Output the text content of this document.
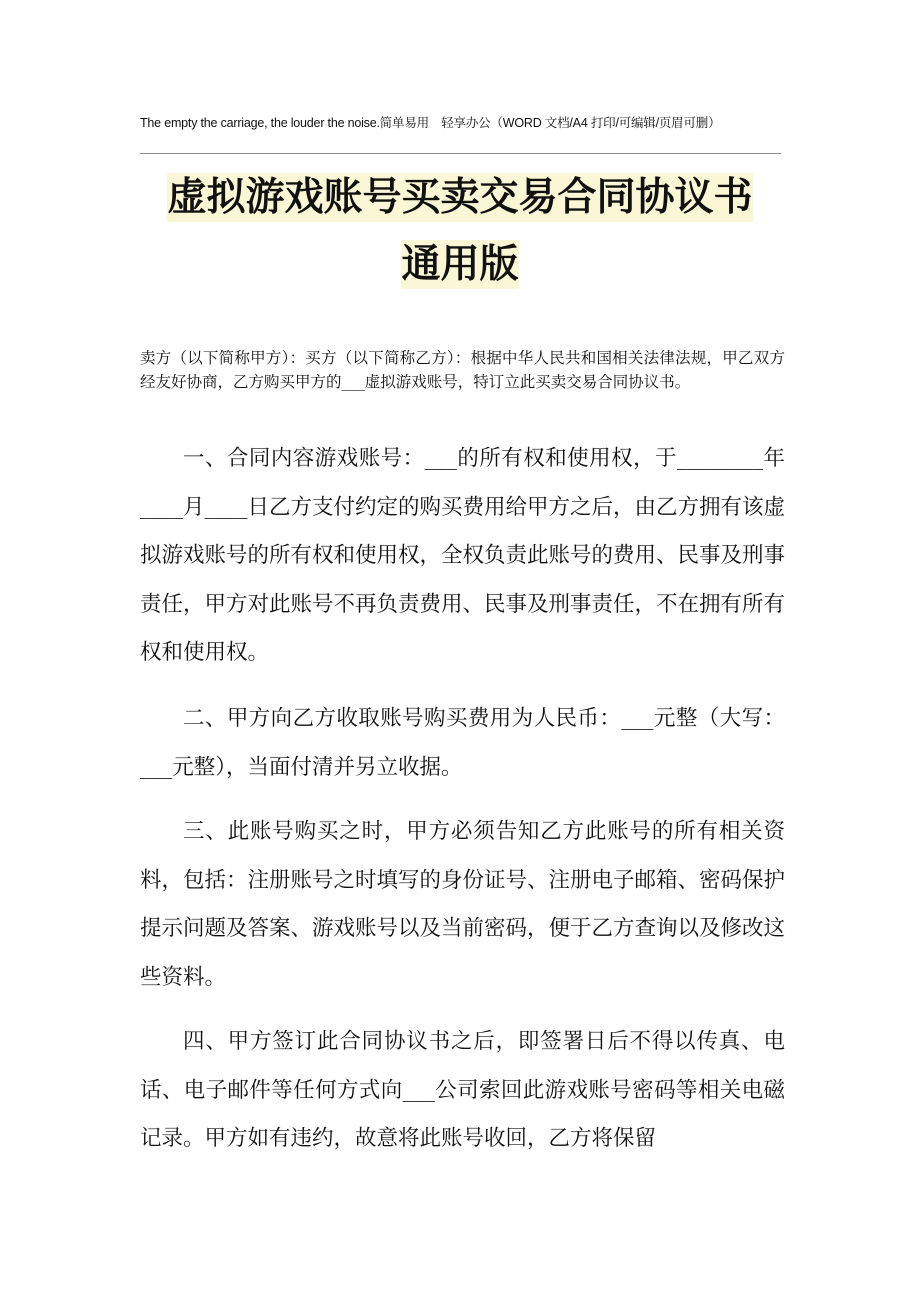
The empty the carriage, the louder the noise.简单易用　轻享办公（WORD 文档/A4 打印/可编辑/页眉可删）
虚拟游戏账号买卖交易合同协议书
通用版
卖方（以下简称甲方）：买方（以下简称乙方）：根据中华人民共和国相关法律法规，甲乙双方经友好协商，乙方购买甲方的___虚拟游戏账号，特订立此买卖交易合同协议书。

一、合同内容游戏账号：___的所有权和使用权，于________年____月____日乙方支付约定的购买费用给甲方之后，由乙方拥有该虚拟游戏账号的所有权和使用权，全权负责此账号的费用、民事及刑事责任，甲方对此账号不再负责费用、民事及刑事责任，不在拥有所有权和使用权。

二、甲方向乙方收取账号购买费用为人民币：___元整（大写：___元整），当面付清并另立收据。

三、此账号购买之时，甲方必须告知乙方此账号的所有相关资料，包括：注册账号之时填写的身份证号、注册电子邮箱、密码保护提示问题及答案、游戏账号以及当前密码，便于乙方查询以及修改这些资料。

四、甲方签订此合同协议书之后，即签署日后不得以传真、电话、电子邮件等任何方式向___公司索回此游戏账号密码等相关电磁记录。甲方如有违约，故意将此账号收回，乙方将保留
